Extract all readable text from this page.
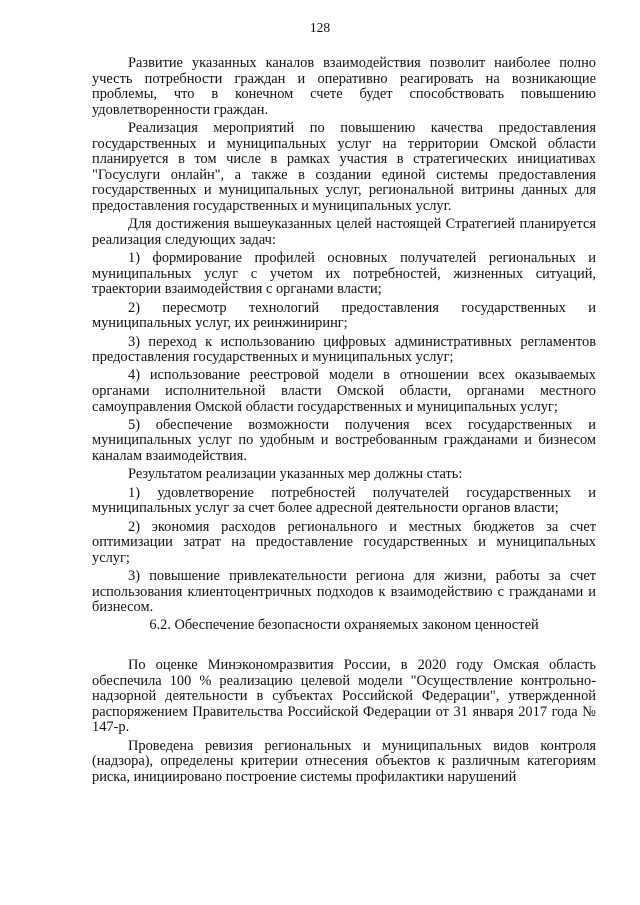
128

Развитие указанных каналов взаимодействия позволит наиболее полно учесть потребности граждан и оперативно реагировать на возникающие проблемы, что в конечном счете будет способствовать повышению удовлетворенности граждан.

Реализация мероприятий по повышению качества предоставления государственных и муниципальных услуг на территории Омской области планируется в том числе в рамках участия в стратегических инициативах "Госуслуги онлайн", а также в создании единой системы предоставления государственных и муниципальных услуг, региональной витрины данных для предоставления государственных и муниципальных услуг.

Для достижения вышеуказанных целей настоящей Стратегией планируется реализация следующих задач:

1) формирование профилей основных получателей региональных и муниципальных услуг с учетом их потребностей, жизненных ситуаций, траектории взаимодействия с органами власти;

2) пересмотр технологий предоставления государственных и муниципальных услуг, их реинжиниринг;

3) переход к использованию цифровых административных регламентов предоставления государственных и муниципальных услуг;

4) использование реестровой модели в отношении всех оказываемых органами исполнительной власти Омской области, органами местного самоуправления Омской области государственных и муниципальных услуг;

5) обеспечение возможности получения всех государственных и муниципальных услуг по удобным и востребованным гражданами и бизнесом каналам взаимодействия.

Результатом реализации указанных мер должны стать:

1) удовлетворение потребностей получателей государственных и муниципальных услуг за счет более адресной деятельности органов власти;

2) экономия расходов регионального и местных бюджетов за счет оптимизации затрат на предоставление государственных и муниципальных услуг;

3) повышение привлекательности региона для жизни, работы за счет использования клиентоцентричных подходов к взаимодействию с гражданами и бизнесом.

6.2. Обеспечение безопасности охраняемых законом ценностей

По оценке Минэкономразвития России, в 2020 году Омская область обеспечила 100 % реализацию целевой модели "Осуществление контрольно-надзорной деятельности в субъектах Российской Федерации", утвержденной распоряжением Правительства Российской Федерации от 31 января 2017 года № 147-р.

Проведена ревизия региональных и муниципальных видов контроля (надзора), определены критерии отнесения объектов к различным категориям риска, инициировано построение системы профилактики нарушений
